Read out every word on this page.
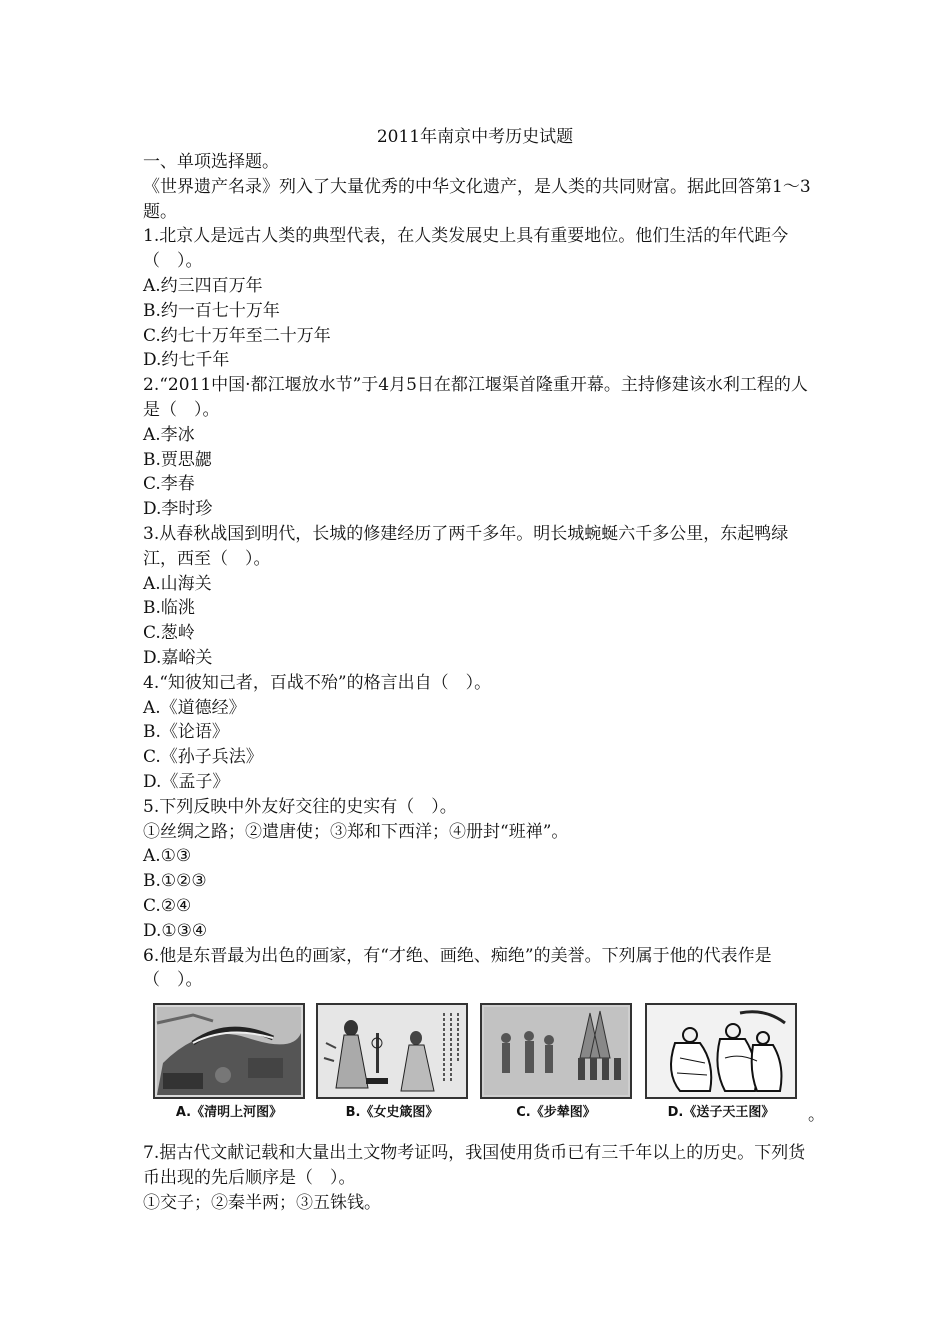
2011年南京中考历史试题

一、单项选择题。

《世界遗产名录》列入了大量优秀的中华文化遗产，是人类的共同财富。据此回答第1～3题。

1.北京人是远古人类的典型代表，在人类发展史上具有重要地位。他们生活的年代距今（　）。

A.约三四百万年

B.约一百七十万年

C.约七十万年至二十万年

D.约七千年

2.“2011中国·都江堰放水节”于4月5日在都江堰渠首隆重开幕。主持修建该水利工程的人是（　）。

A.李冰

B.贾思勰

C.李春

D.李时珍

3.从春秋战国到明代，长城的修建经历了两千多年。明长城蜿蜒六千多公里，东起鸭绿江，西至（　）。

A.山海关

B.临洮

C.葱岭

D.嘉峪关

4.“知彼知己者，百战不殆”的格言出自（　）。

A.《道德经》

B.《论语》

C.《孙子兵法》

D.《孟子》

5.下列反映中外友好交往的史实有（　）。

①丝绸之路；②遣唐使；③郑和下西洋；④册封“班禅”。

A.①③

B.①②③

C.②④

D.①③④

6.他是东晋最为出色的画家，有“才绝、画绝、痴绝”的美誉。下列属于他的代表作是（　）。

A.《清明上河图》	B.《女史箴图》	C.《步辇图》	D.《送子天王图》	。

7.据古代文献记载和大量出土文物考证吗，我国使用货币已有三千年以上的历史。下列货币出现的先后顺序是（　）。

①交子；②秦半两；③五铢钱。
